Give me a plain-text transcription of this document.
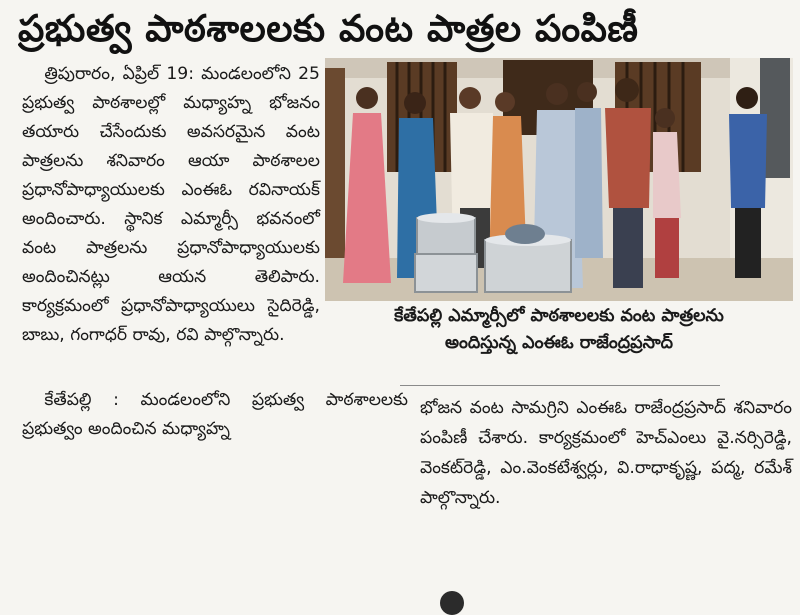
ప్రభుత్వ పాఠశాలలకు వంట పాత్రల పంపిణీ

త్రిపురారం, ఏప్రిల్ 19: మండలంలోని 25 ప్రభుత్వ పాఠశాలల్లో మధ్యాహ్న భోజనం తయారు చేసేందుకు అవసరమైన వంట పాత్రలను శనివారం ఆయా పాఠశాలల ప్రధానోపాధ్యాయులకు ఎంఈఓ రవినాయక్ అందించారు. స్థానిక ఎమ్మార్సీ భవనంలో వంట పాత్రలను ప్రధానోపాధ్యాయులకు అందించినట్లు ఆయన తెలిపారు. కార్యక్రమంలో ప్రధానోపాధ్యాయులు సైదిరెడ్డి, బాబు, గంగాధర్ రావు, రవి పాల్గొన్నారు.

కేతేపల్లి ఎమ్మార్సీలో పాఠశాలలకు వంట పాత్రలను
అందిస్తున్న ఎంఈఓ రాజేంద్రప్రసాద్

కేతేపల్లి : మండలంలోని ప్రభుత్వ పాఠశాలలకు ప్రభుత్వం అందించిన మధ్యాహ్న

భోజన వంట సామగ్రిని ఎంఈఓ రాజేంద్రప్రసాద్ శనివారం పంపిణీ చేశారు. కార్యక్రమంలో హెచ్ఎంలు వై.నర్సిరెడ్డి, వెంకట్‌రెడ్డి, ఎం.వెంకటేశ్వర్లు, వి.రాధాకృష్ణ, పద్మ, రమేశ్ పాల్గొన్నారు.
